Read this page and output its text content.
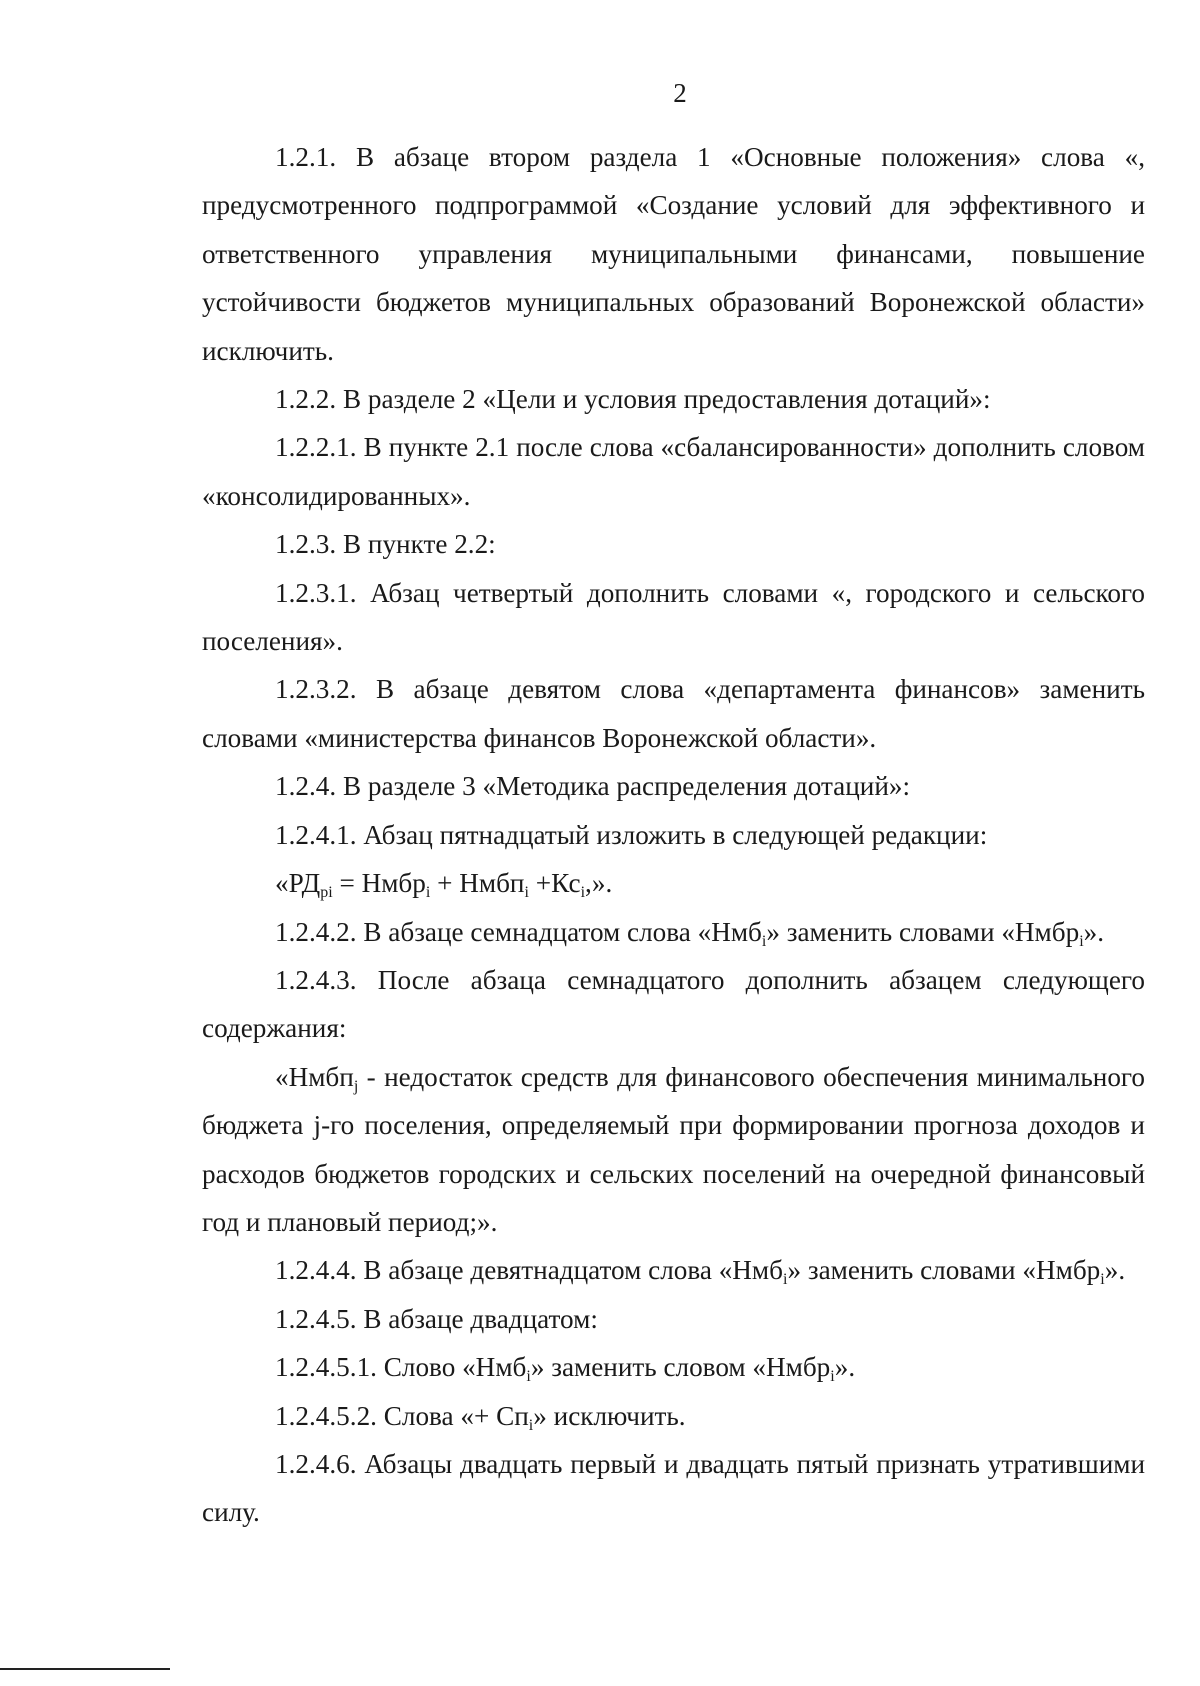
2

1.2.1. В абзаце втором раздела 1 «Основные положения» слова «, предусмотренного подпрограммой «Создание условий для эффективного и ответственного управления муниципальными финансами, повышение устойчивости бюджетов муниципальных образований Воронежской области» исключить.

1.2.2. В разделе 2 «Цели и условия предоставления дотаций»:

1.2.2.1. В пункте 2.1 после слова «сбалансированности» дополнить словом «консолидированных».

1.2.3. В пункте 2.2:

1.2.3.1. Абзац четвертый дополнить словами «, городского и сельского поселения».

1.2.3.2. В абзаце девятом слова «департамента финансов» заменить словами «министерства финансов Воронежской области».

1.2.4. В разделе 3 «Методика распределения дотаций»:

1.2.4.1. Абзац пятнадцатый изложить в следующей редакции:

«$РД_{pi}$ = Нмбр$_i$ + Нмбп$_i$ $+Кс_i$,».

1.2.4.2. В абзаце семнадцатом слова «Нмб$_i$» заменить словами «Нмбр$_i$».

1.2.4.3. После абзаца семнадцатого дополнить абзацем следующего содержания:

«Нмбп$_j$ - недостаток средств для финансового обеспечения минимального бюджета j-го поселения, определяемый при формировании прогноза доходов и расходов бюджетов городских и сельских поселений на очередной финансовый год и плановый период;».

1.2.4.4. В абзаце девятнадцатом слова «Нмб$_i$» заменить словами «Нмбр$_i$».

1.2.4.5. В абзаце двадцатом:

1.2.4.5.1. Слово «Нмб$_i$» заменить словом «Нмбр$_i$».

1.2.4.5.2. Слова «+ $Сп_i$» исключить.

1.2.4.6. Абзацы двадцать первый и двадцать пятый признать утратившими силу.
